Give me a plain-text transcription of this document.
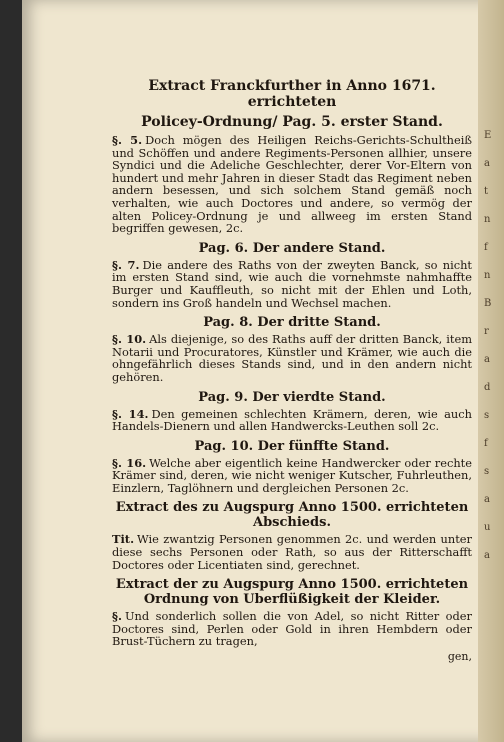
Extract Franckfurther in Anno 1671. errichteten
Policey-Ordnung/ Pag. 5. erster Stand.
§. 5. Doch mögen des Heiligen Reichs-Gerichts-Schultheiß und Schöffen und andere Regiments-Personen allhier, unsere Syndici und die Adeliche Geschlechter, derer Vor-Eltern von hundert und mehr Jahren in dieser Stadt das Regiment neben andern besessen, und sich solchem Stand gemäß noch verhalten, wie auch Doctores und andere, so vermög der alten Policey-Ordnung je und allweeg im ersten Stand begriffen gewesen, 2c.
Pag. 6. Der andere Stand.
§. 7. Die andere des Raths von der zweyten Banck, so nicht im ersten Stand sind, wie auch die vornehmste nahmhaffte Burger und Kauffleuth, so nicht mit der Ehlen und Loth, sondern ins Groß handeln und Wechsel machen.
Pag. 8. Der dritte Stand.
§. 10. Als diejenige, so des Raths auff der dritten Banck, item Notarii und Procuratores, Künstler und Krämer, wie auch die ohngefährlich dieses Stands sind, und in den andern nicht gehören.
Pag. 9. Der vierdte Stand.
§. 14. Den gemeinen schlechten Krämern, deren, wie auch Handels-Dienern und allen Handwercks-Leuthen soll 2c.
Pag. 10. Der fünffte Stand.
§. 16. Welche aber eigentlich keine Handwercker oder rechte Krämer sind, deren, wie nicht weniger Kutscher, Fuhrleuthen, Einzlern, Taglöhnern und dergleichen Personen 2c.
Extract des zu Augspurg Anno 1500. errichteten Abschieds.
Tit. Wie zwantzig Personen genommen 2c. und werden unter diese sechs Personen oder Rath, so aus der Ritterschafft Doctores oder Licentiaten sind, gerechnet.
Extract der zu Augspurg Anno 1500. errichteten Ordnung von Uberflüßigkeit der Kleider.
§. Und sonderlich sollen die von Adel, so nicht Ritter oder Doctores sind, Perlen oder Gold in ihren Hembdern oder Brust-Tüchern zu tragen,
gen,
E
a
t
n
f
n
B
r
a
d
s
f
s
a
u
a
